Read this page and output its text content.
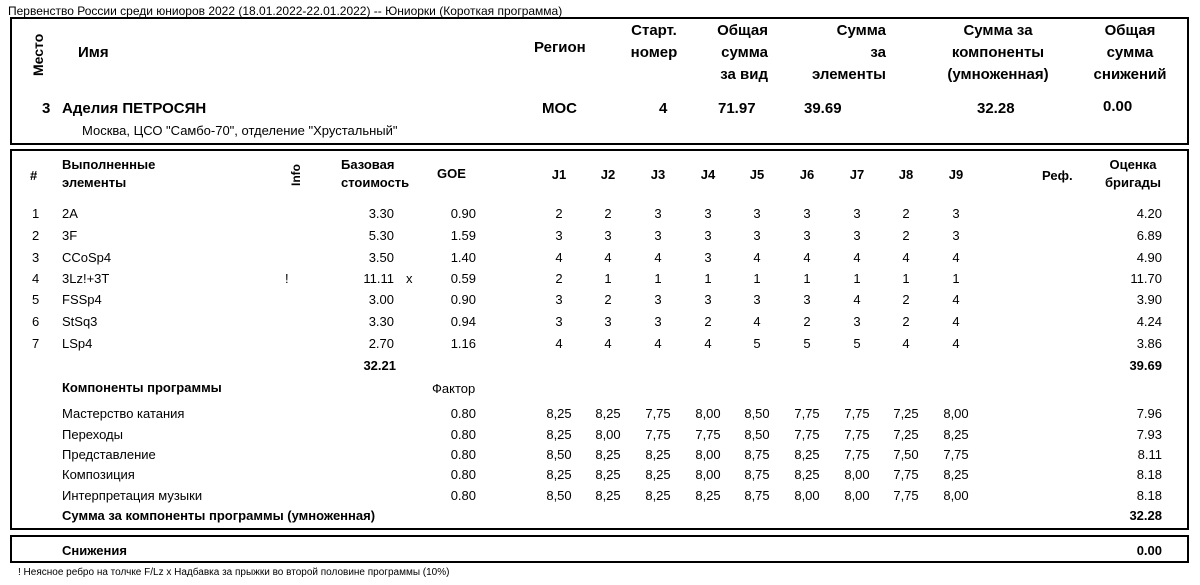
Первенство России среди юниоров 2022 (18.01.2022-22.01.2022) -- Юниорки (Короткая программа)
Место Имя	Регион
Старт.
номер
Общая
сумма
за вид
Сумма
за
элементы
Сумма за
компоненты
(умноженная)
Общая
сумма
снижений
3 Аделия ПЕТРОСЯН	MOC	4	71.97	39.69	32.28	0.00
Москва, ЦСО "Самбо-70", отделение "Хрустальный"
#
Выполненные
элементы	Info	Базовая
стоимость
GOE	J1	J2	J3	J4	J5	J6	J7	J8	J9	Реф.
Оценка
бригады
1 2A	3.30	0.90	2	2	3	3	3	3	3	2	3	4.20
2 3F	5.30	1.59	3	3	3	3	3	3	3	2	3	6.89
3 CCoSp4	3.50	1.40	4	4	4	3	4	4	4	4	4	4.90
4 3Lz!+3T	!	11.11 x	0.59	2	1	1	1	1	1	1	1	1	11.70
5 FSSp4	3.00	0.90	3	2	3	3	3	3	4	2	4	3.90
6 StSq3	3.30	0.94	3	3	3	2	4	2	3	2	4	4.24
7 LSp4	2.70	1.16	4	4	4	4	5	5	5	4	4	3.86
32.21	39.69
Компоненты программы	Фактор
Мастерство катания	0.80	8,25	8,25	7,75	8,00	8,50	7,75	7,75	7,25	8,00	7.96
Переходы	0.80	8,25	8,00	7,75	7,75	8,50	7,75	7,75	7,25	8,25	7.93
Представление	0.80	8,50	8,25	8,25	8,00	8,75	8,25	7,75	7,50	7,75	8.11
Композиция	0.80	8,25	8,25	8,25	8,00	8,75	8,25	8,00	7,75	8,25	8.18
Интерпретация музыки	0.80	8,50	8,25	8,25	8,25	8,75	8,00	8,00	7,75	8,00	8.18
Сумма за компоненты программы (умноженная)	32.28
Снижения	0.00
! Неясное ребро на толчке F/Lz x Надбавка за прыжки во второй половине программы (10%)
